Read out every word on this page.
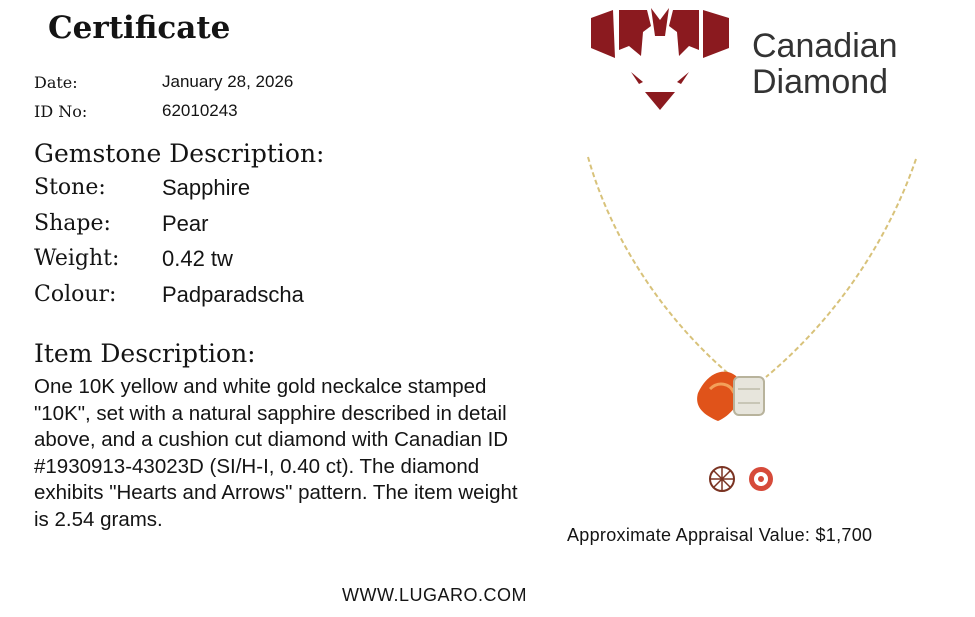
Certificate
Date:	January 28, 2026
ID No:	62010243
Gemstone Description:
Stone:	Sapphire
Shape: Pear
Weight: 0.42 tw
Colour: Padparadscha
Item Description:
One 10K yellow and white gold neckalce stamped "10K", set with a natural sapphire described in detail above, and a cushion cut diamond with Canadian ID #1930913-43023D (SI/H-I, 0.40 ct). The diamond exhibits "Hearts and Arrows" pattern. The item weight is 2.54 grams.
WWW.LUGARO.COM
Canadian
Diamond
Approximate Appraisal Value: $1,700
